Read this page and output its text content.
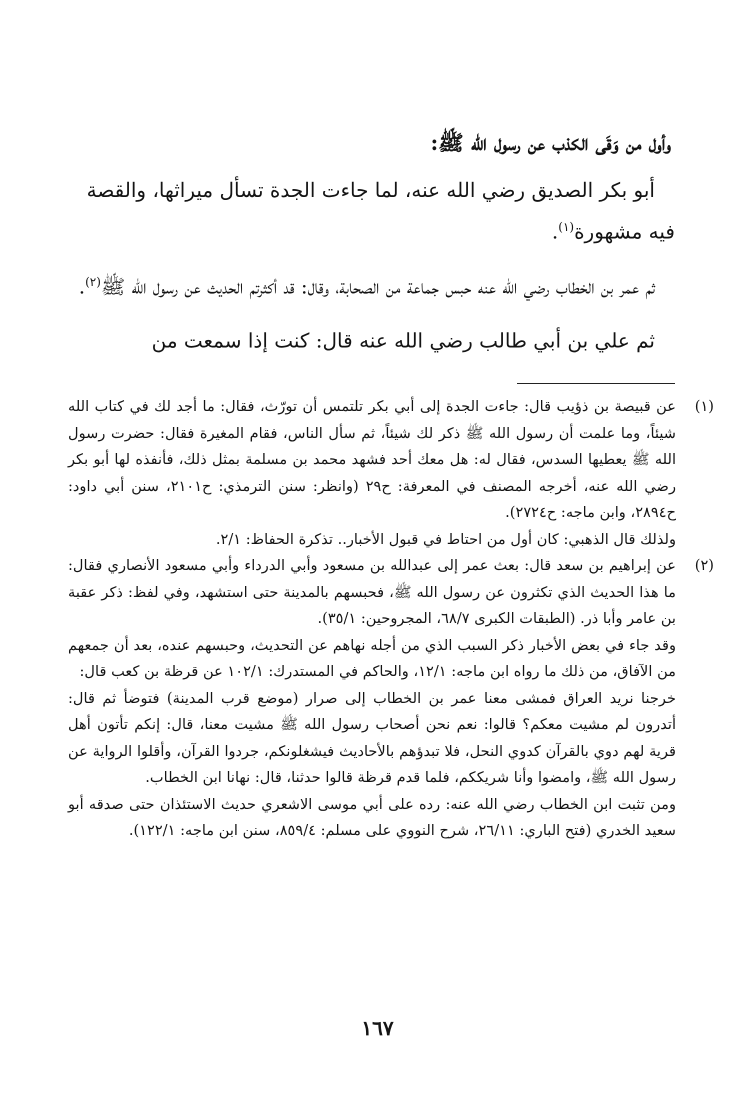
وأول من وَقَى الكذب عن رسول الله ﷺ:

أبو بكر الصديق رضي الله عنه، لما جاءت الجدة تسأل ميراثها، والقصة فيه مشهورة$^{(١)}$.

ثم عمر بن الخطاب رضي الله عنه حبس جماعة من الصحابة، وقال: قد أكثرتم الحديث عن رسول الله ﷺ$^{(٢)}$.

ثم علي بن أبي طالب رضي الله عنه قال: كنت إذا سمعت من

(١)

عن قبيصة بن ذؤيب قال: جاءت الجدة إلى أبي بكر تلتمس أن تورّث، فقال: ما أجد لك في كتاب الله شيئاً، وما علمت أن رسول الله ﷺ ذكر لك شيئاً، ثم سأل الناس، فقام المغيرة فقال: حضرت رسول الله ﷺ يعطيها السدس، فقال له: هل معك أحد فشهد محمد بن مسلمة بمثل ذلك، فأنفذه لها أبو بكر رضي الله عنه، أخرجه المصنف في المعرفة: ح٢٩ (وانظر: سنن الترمذي: ح٢١٠١، سنن أبي داود: ح٢٨٩٤، وابن ماجه: ح٢٧٢٤).

ولذلك قال الذهبي: كان أول من احتاط في قبول الأخبار.. تذكرة الحفاظ: ٢/١.

(٢)

عن إبراهيم بن سعد قال: بعث عمر إلى عبدالله بن مسعود وأبي الدرداء وأبي مسعود الأنصاري فقال: ما هذا الحديث الذي تكثرون عن رسول الله ﷺ، فحبسهم بالمدينة حتى استشهد، وفي لفظ: ذكر عقبة بن عامر وأبا ذر. (الطبقات الكبرى ٦٨/٧، المجروحين: ٣٥/١).

وقد جاء في بعض الأخبار ذكر السبب الذي من أجله نهاهم عن التحديث، وحبسهم عنده، بعد أن جمعهم من الآفاق، من ذلك ما رواه ابن ماجه: ١٢/١، والحاكم في المستدرك: ١٠٢/١ عن قرظة بن كعب قال:

خرجنا نريد العراق فمشى معنا عمر بن الخطاب إلى صرار (موضع قرب المدينة) فتوضأ ثم قال: أتدرون لم مشيت معكم؟ قالوا: نعم نحن أصحاب رسول الله ﷺ مشيت معنا، قال: إنكم تأتون أهل قرية لهم دوي بالقرآن كدوي النحل، فلا تبدؤهم بالأحاديث فيشغلونكم، جردوا القرآن، وأقلوا الرواية عن رسول الله ﷺ، وامضوا وأنا شريككم، فلما قدم قرظة قالوا حدثنا، قال: نهانا ابن الخطاب.

ومن تثبت ابن الخطاب رضي الله عنه: رده على أبي موسى الاشعري حديث الاستئذان حتى صدقه أبو سعيد الخدري (فتح الباري: ٢٦/١١، شرح النووي على مسلم: ٨٥٩/٤، سنن ابن ماجه: ١٢٢/١).

١٦٧
